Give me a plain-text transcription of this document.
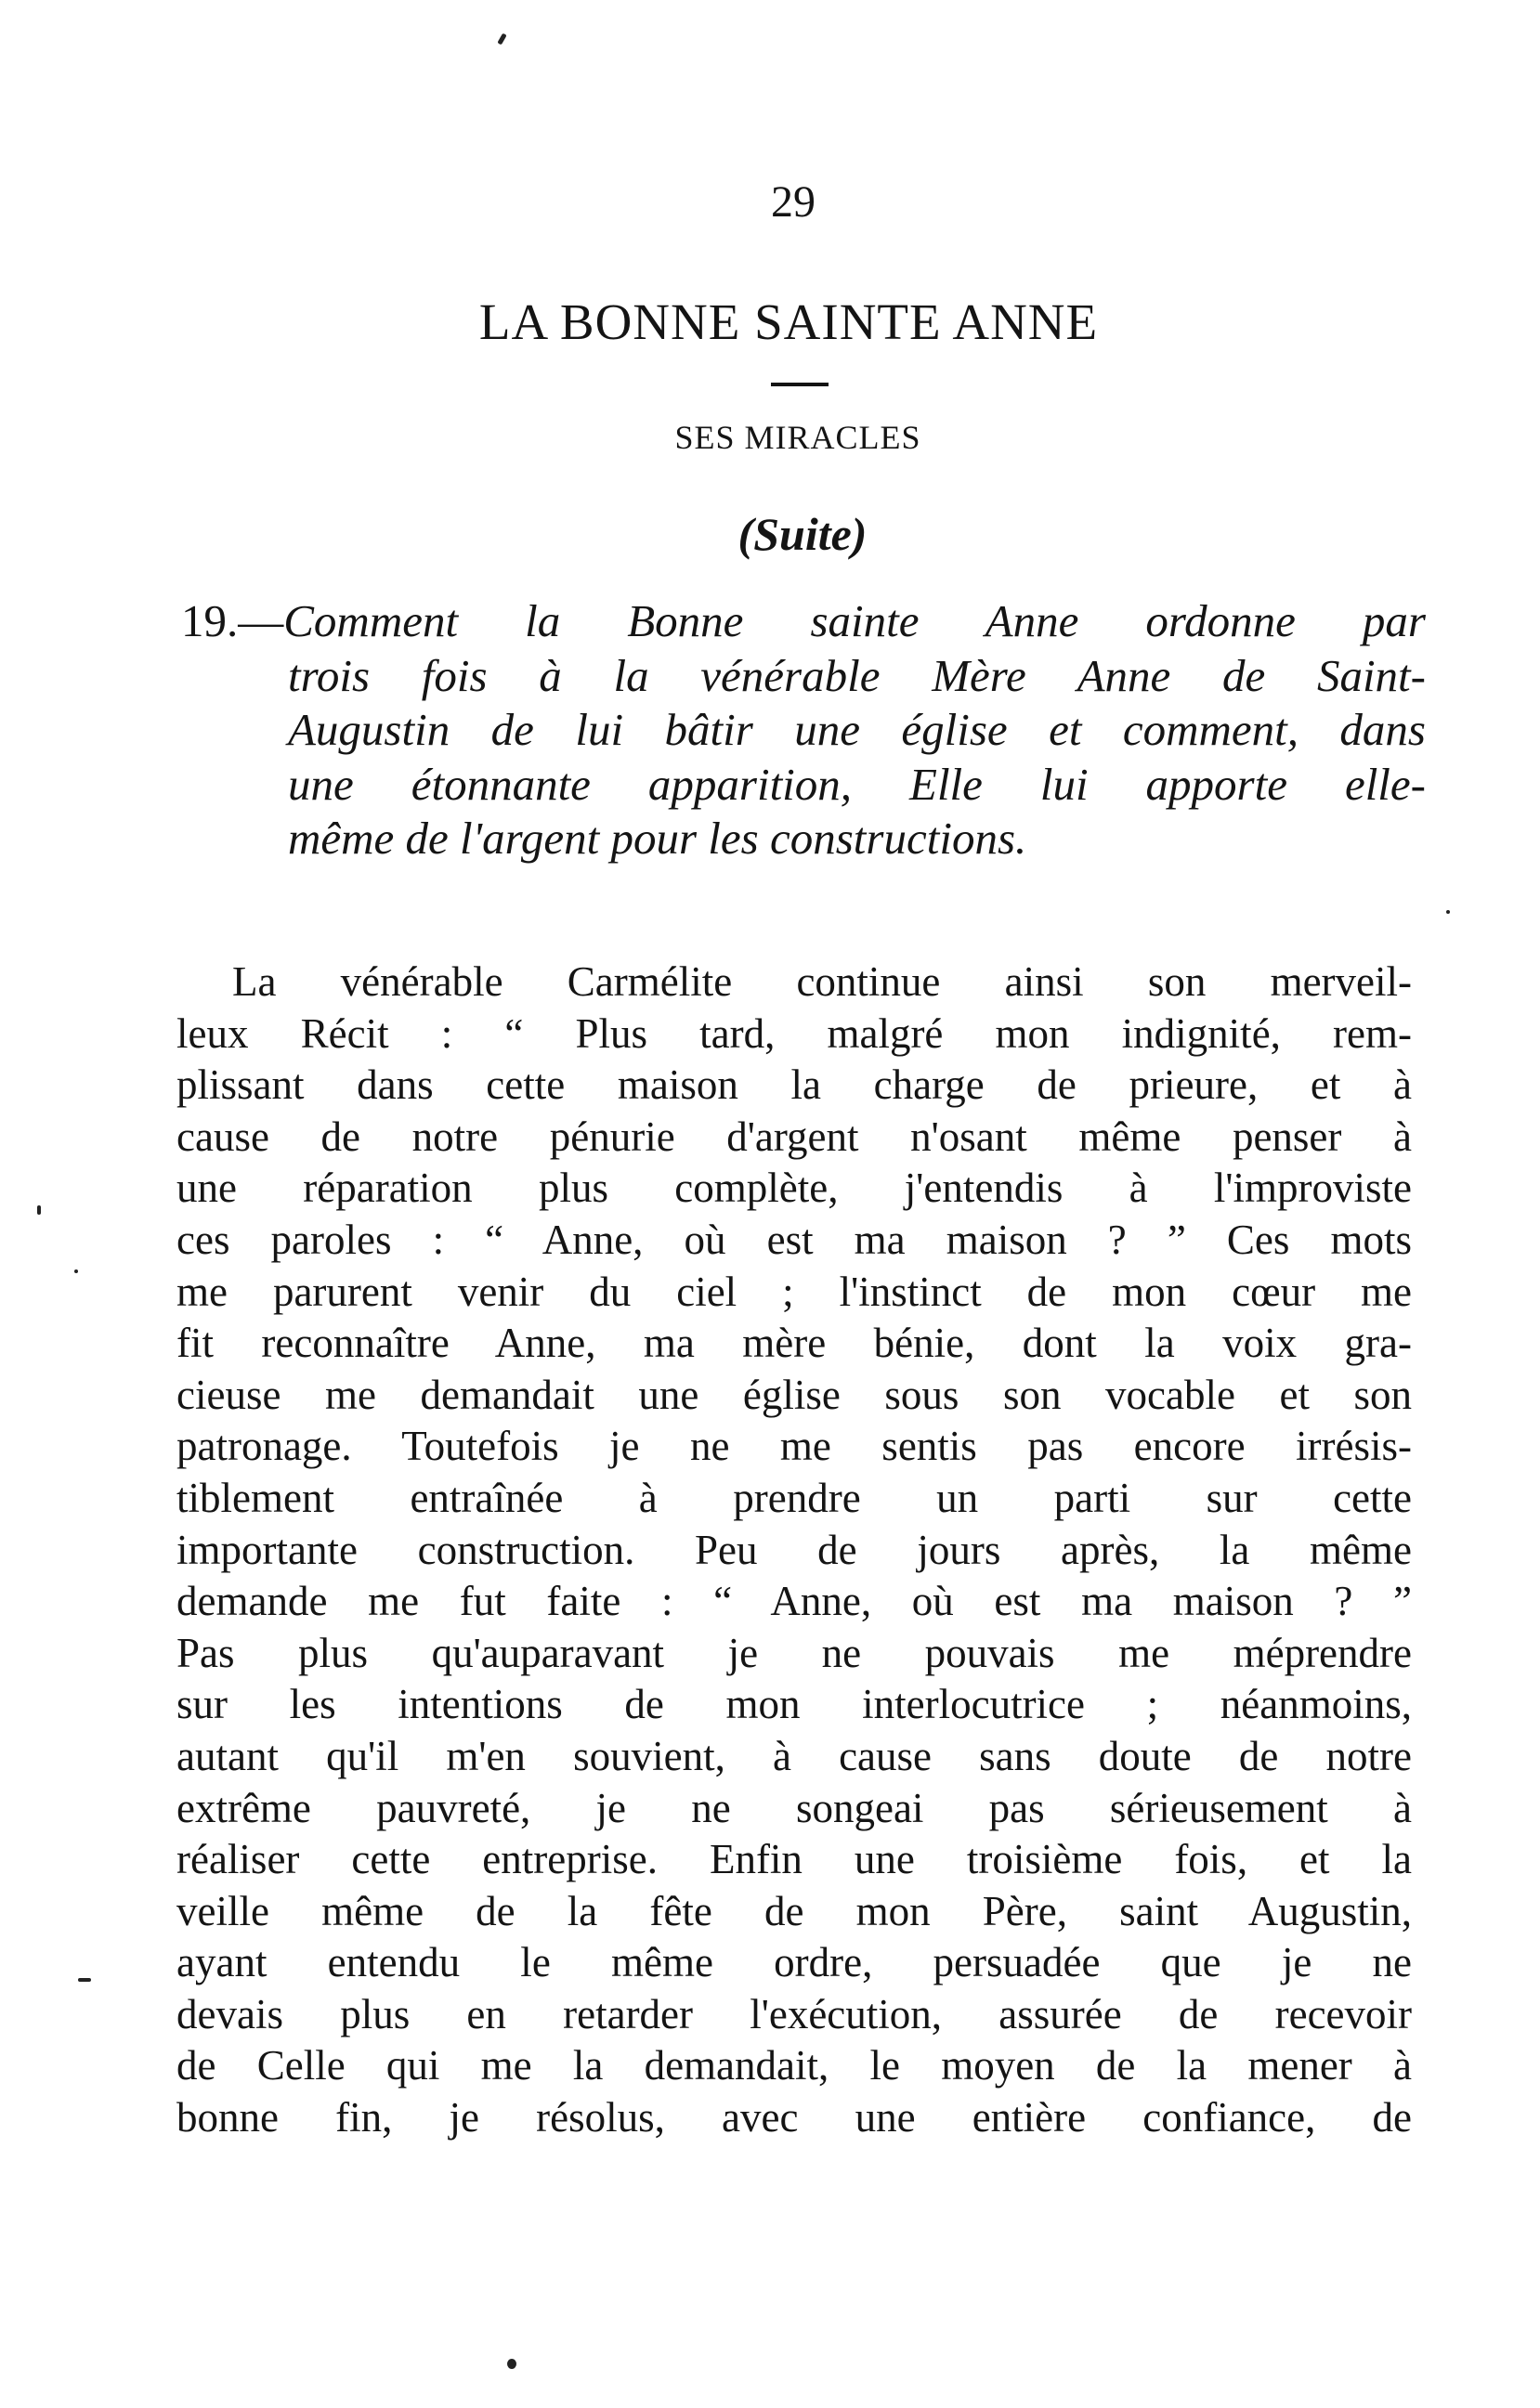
29
LA BONNE SAINTE ANNE
SES MIRACLES
(Suite)
19.—Comment la Bonne sainte Anne ordonne par
trois fois à la vénérable Mère Anne de Saint-
Augustin de lui bâtir une église et comment, dans
une étonnante apparition, Elle lui apporte elle-
même de l'argent pour les constructions.
La vénérable Carmélite continue ainsi son merveil-
leux Récit : “ Plus tard, malgré mon indignité, rem-
plissant dans cette maison la charge de prieure, et à
cause de notre pénurie d'argent n'osant même penser à
une réparation plus complète, j'entendis à l'improviste
ces paroles : “ Anne, où est ma maison ? ” Ces mots
me parurent venir du ciel ; l'instinct de mon cœur me
fit reconnaître Anne, ma mère bénie, dont la voix gra-
cieuse me demandait une église sous son vocable et son
patronage. Toutefois je ne me sentis pas encore irrésis-
tiblement entraînée à prendre un parti sur cette
importante construction. Peu de jours après, la même
demande me fut faite : “ Anne, où est ma maison ? ”
Pas plus qu'auparavant je ne pouvais me méprendre
sur les intentions de mon interlocutrice ; néanmoins,
autant qu'il m'en souvient, à cause sans doute de notre
extrême pauvreté, je ne songeai pas sérieusement à
réaliser cette entreprise. Enfin une troisième fois, et la
veille même de la fête de mon Père, saint Augustin,
ayant entendu le même ordre, persuadée que je ne
devais plus en retarder l'exécution, assurée de recevoir
de Celle qui me la demandait, le moyen de la mener à
bonne fin, je résolus, avec une entière confiance, de
